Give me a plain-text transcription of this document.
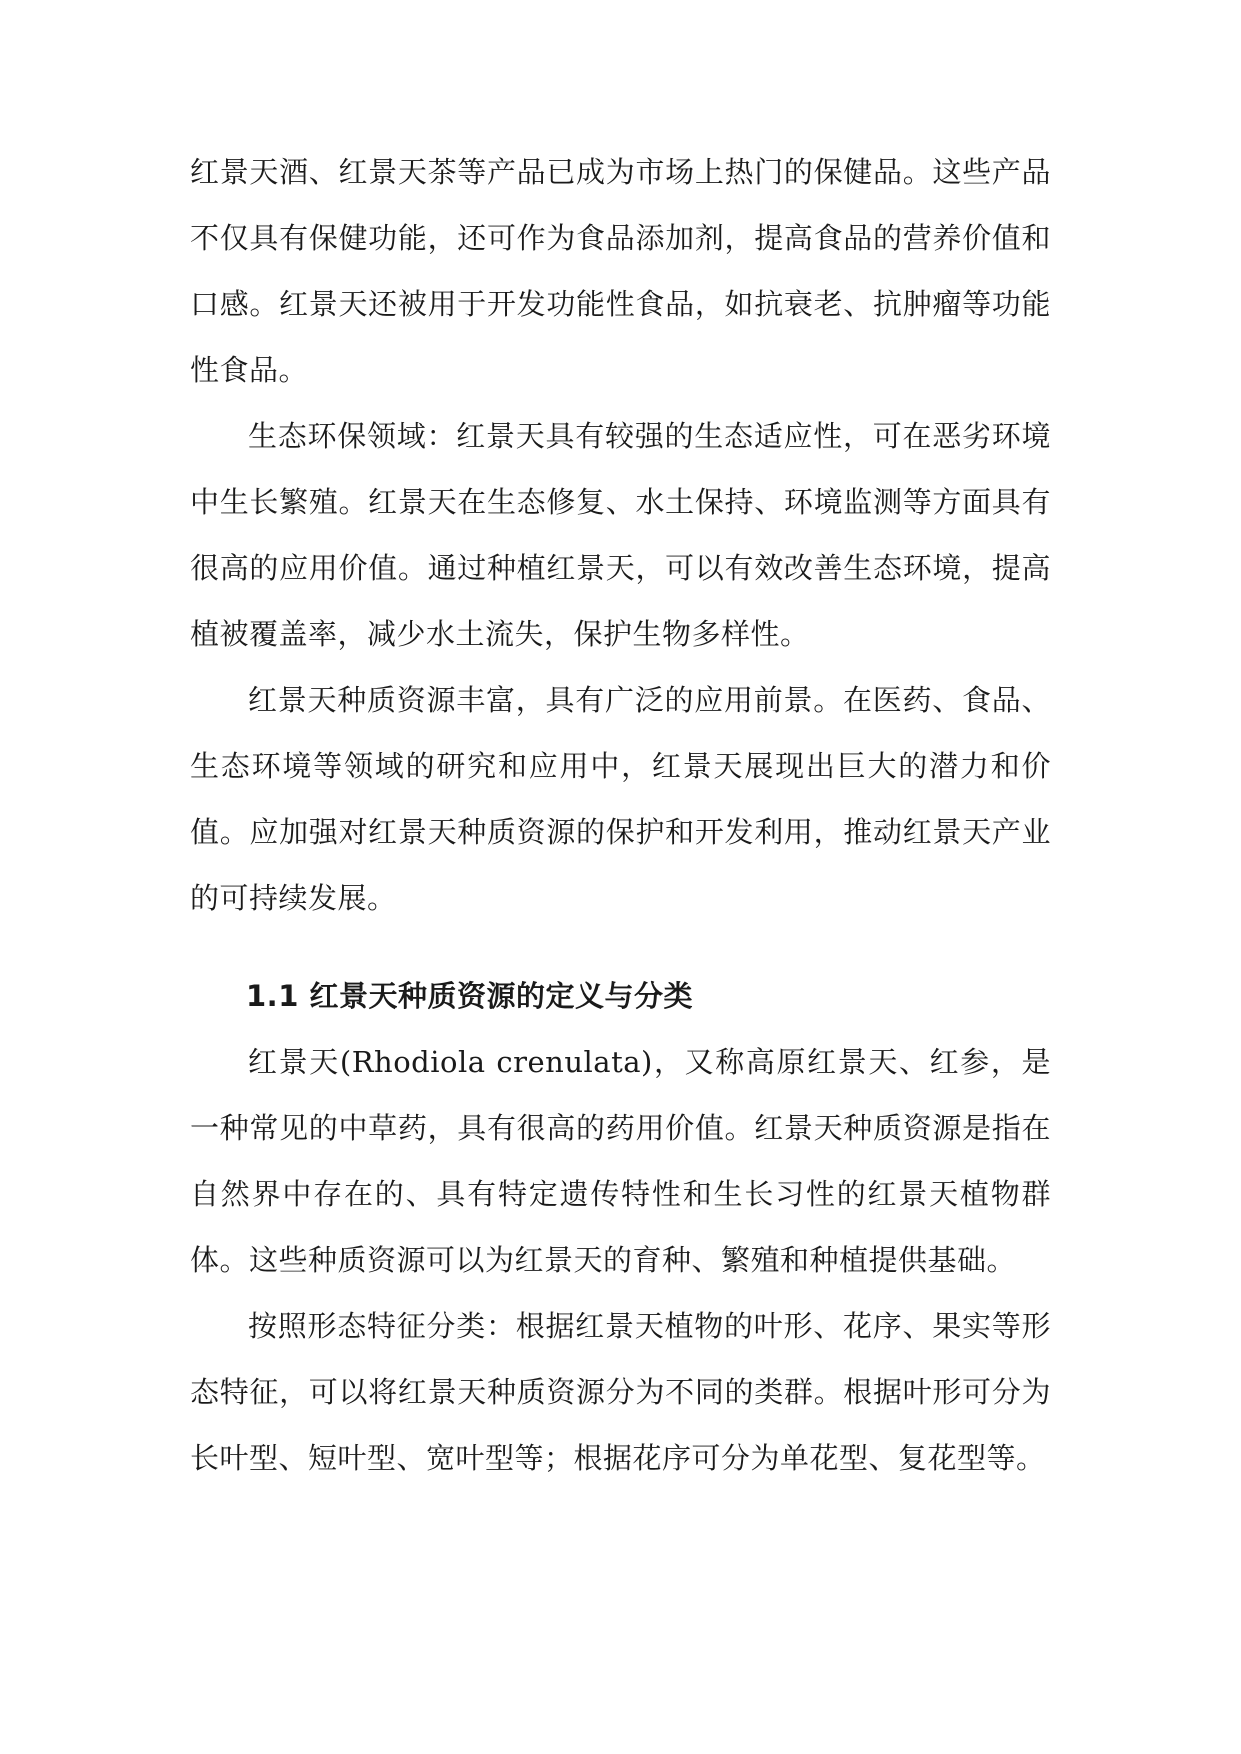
红景天酒、红景天茶等产品已成为市场上热门的保健品。这些产品不仅具有保健功能，还可作为食品添加剂，提高食品的营养价值和口感。红景天还被用于开发功能性食品，如抗衰老、抗肿瘤等功能性食品。

生态环保领域：红景天具有较强的生态适应性，可在恶劣环境中生长繁殖。红景天在生态修复、水土保持、环境监测等方面具有很高的应用价值。通过种植红景天，可以有效改善生态环境，提高植被覆盖率，减少水土流失，保护生物多样性。

红景天种质资源丰富，具有广泛的应用前景。在医药、食品、生态环境等领域的研究和应用中，红景天展现出巨大的潜力和价值。应加强对红景天种质资源的保护和开发利用，推动红景天产业的可持续发展。

1.1 红景天种质资源的定义与分类

红景天(Rhodiola crenulata)，又称高原红景天、红参，是一种常见的中草药，具有很高的药用价值。红景天种质资源是指在自然界中存在的、具有特定遗传特性和生长习性的红景天植物群体。这些种质资源可以为红景天的育种、繁殖和种植提供基础。

按照形态特征分类：根据红景天植物的叶形、花序、果实等形态特征，可以将红景天种质资源分为不同的类群。根据叶形可分为长叶型、短叶型、宽叶型等；根据花序可分为单花型、复花型等。
